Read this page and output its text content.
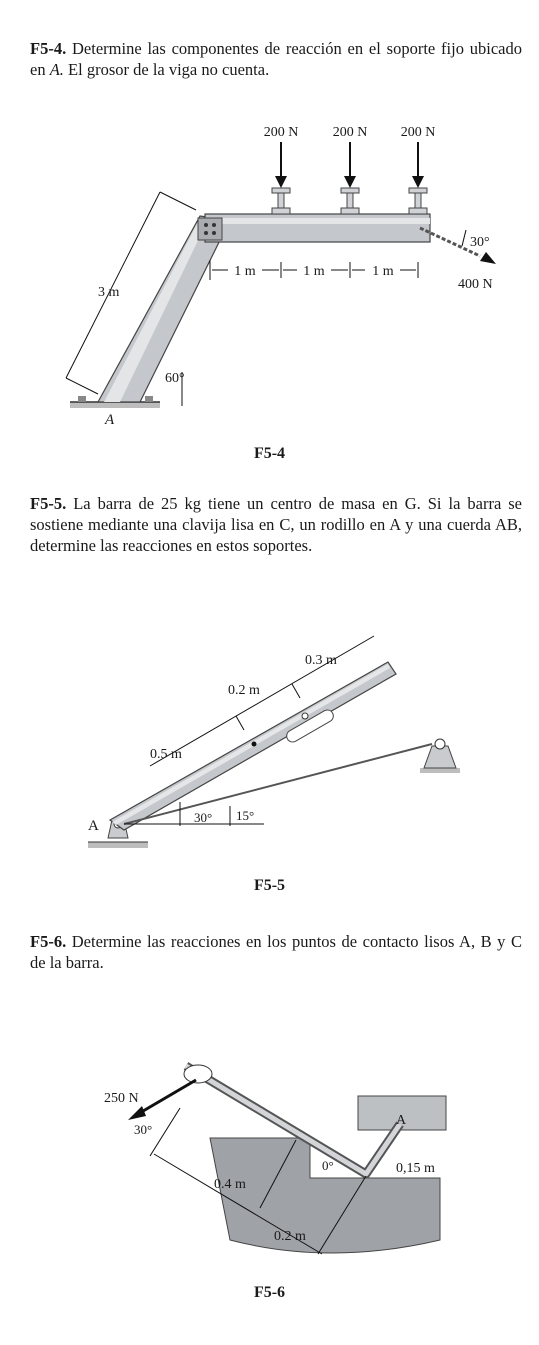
F5-4. Determine las componentes de reacción en el soporte fijo ubicado en A. El grosor de la viga no cuenta.
200 N 200 N 200 N
30°
400 N
1 m	1 m	1 m
3 m
60°
A
F5-4
F5-5. La barra de 25 kg tiene un centro de masa en G. Si la barra se sostiene mediante una clavija lisa en C, un rodillo en A y una cuerda AB, determine las reacciones en estos soportes.
0.3 m
0.2 m
0.5 m
30° 15°
A
F5-5
F5-6. Determine las reacciones en los puntos de contacto lisos A, B y C de la barra.
250 N
30°
0.4 m
0.2 m
0,15 m
0°
A
F5-6
